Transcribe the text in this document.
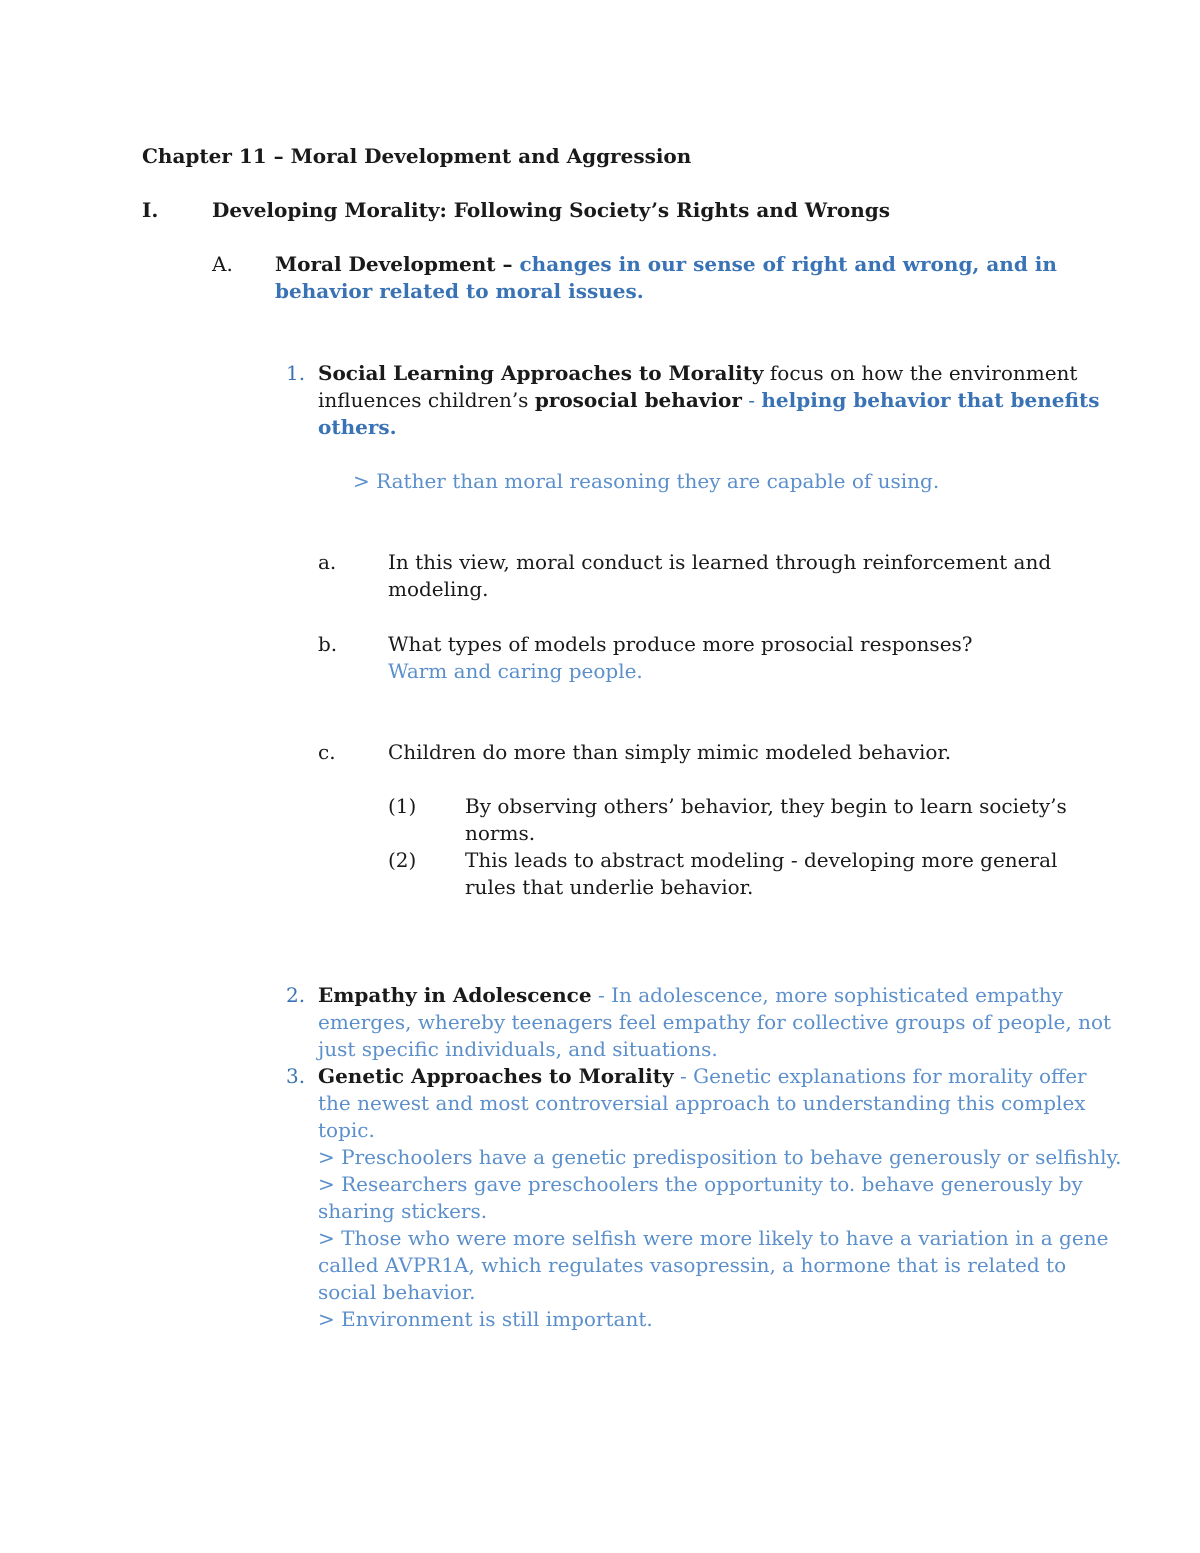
Chapter 11 – Moral Development and Aggression
I.	Developing Morality: Following Society’s Rights and Wrongs
A. Moral Development – changes in our sense of right and wrong, and in
behavior related to moral issues.
1. Social Learning Approaches to Morality focus on how the environment
influences children’s prosocial behavior - helping behavior that benefits
others.
> Rather than moral reasoning they are capable of using.
a.	In this view, moral conduct is learned through reinforcement and
modeling.
b.	What types of models produce more prosocial responses?
Warm and caring people.
c.	Children do more than simply mimic modeled behavior.
(1) By observing others’ behavior, they begin to learn society’s
norms.
(2) This leads to abstract modeling - developing more general
rules that underlie behavior.
2. Empathy in Adolescence - In adolescence, more sophisticated empathy
emerges, whereby teenagers feel empathy for collective groups of people, not
just specific individuals, and situations.
3. Genetic Approaches to Morality - Genetic explanations for morality offer
the newest and most controversial approach to understanding this complex
topic.
> Preschoolers have a genetic predisposition to behave generously or selfishly.
> Researchers gave preschoolers the opportunity to. behave generously by
sharing stickers.
> Those who were more selfish were more likely to have a variation in a gene
called AVPR1A, which regulates vasopressin, a hormone that is related to
social behavior.
> Environment is still important.
